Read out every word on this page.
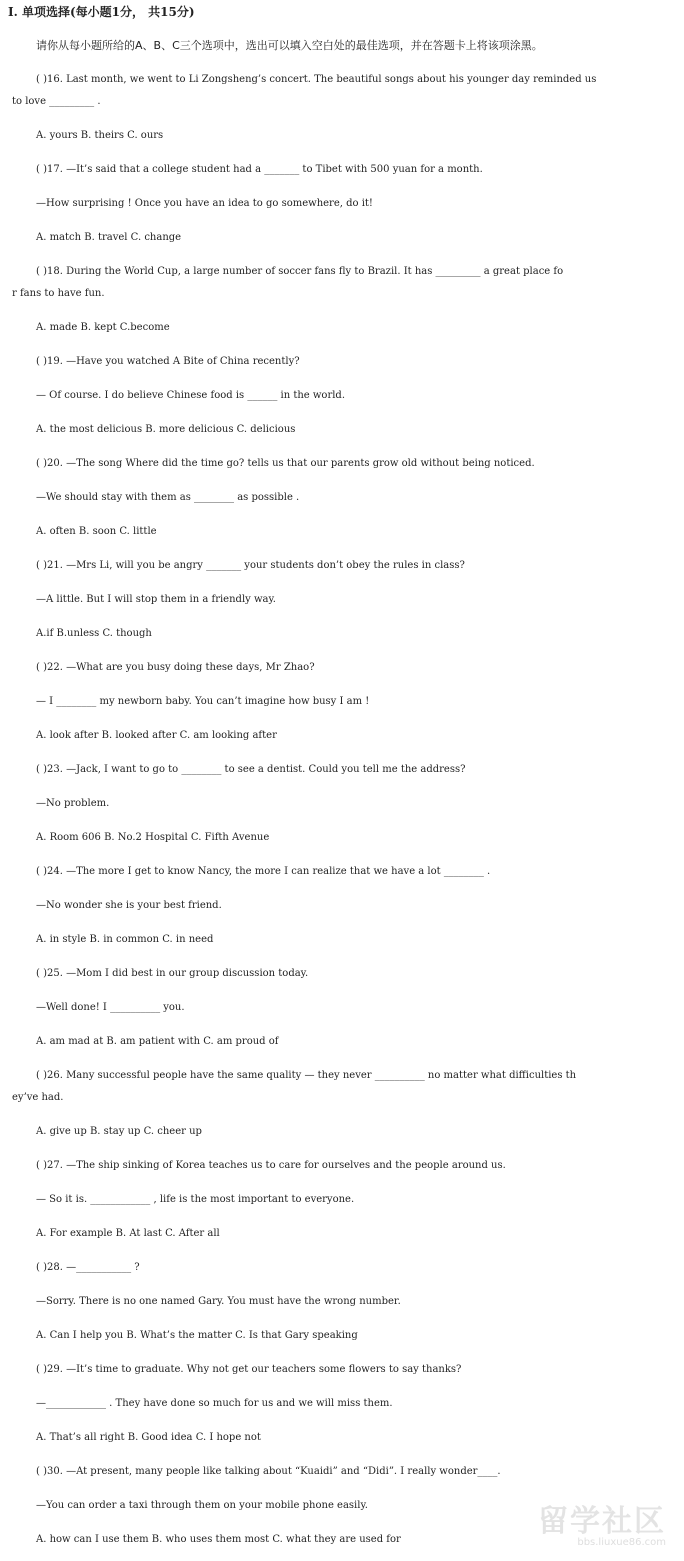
I. 单项选择(每小题1分， 共15分)
请你从每小题所给的A、B、C三个选项中，选出可以填入空白处的最佳选项，并在答题卡上将该项涂黑。
( )16. Last month, we went to Li Zongsheng’s concert. The beautiful songs about his younger day reminded us
to love _________ .
A. yours B. theirs C. ours
( )17. —It’s said that a college student had a _______ to Tibet with 500 yuan for a month.
—How surprising ! Once you have an idea to go somewhere, do it!
A. match B. travel C. change
( )18. During the World Cup, a large number of soccer fans fly to Brazil. It has _________ a great place fo
r fans to have fun.
A. made B. kept C.become
( )19. —Have you watched A Bite of China recently?
— Of course. I do believe Chinese food is ______ in the world.
A. the most delicious B. more delicious C. delicious
( )20. —The song Where did the time go? tells us that our parents grow old without being noticed.
—We should stay with them as ________ as possible .
A. often B. soon C. little
( )21. —Mrs Li, will you be angry _______ your students don’t obey the rules in class?
—A little. But I will stop them in a friendly way.
A.if B.unless C. though
( )22. —What are you busy doing these days, Mr Zhao?
— I ________ my newborn baby. You can’t imagine how busy I am !
A. look after B. looked after C. am looking after
( )23. —Jack, I want to go to ________ to see a dentist. Could you tell me the address?
—No problem.
A. Room 606 B. No.2 Hospital C. Fifth Avenue
( )24. —The more I get to know Nancy, the more I can realize that we have a lot ________ .
—No wonder she is your best friend.
A. in style B. in common C. in need
( )25. —Mom I did best in our group discussion today.
—Well done! I __________ you.
A. am mad at B. am patient with C. am proud of
( )26. Many successful people have the same quality — they never __________ no matter what difficulties th
ey’ve had.
A. give up B. stay up C. cheer up
( )27. —The ship sinking of Korea teaches us to care for ourselves and the people around us.
— So it is. ____________ , life is the most important to everyone.
A. For example B. At last C. After all
( )28. —___________ ?
—Sorry. There is no one named Gary. You must have the wrong number.
A. Can I help you B. What’s the matter C. Is that Gary speaking
( )29. —It’s time to graduate. Why not get our teachers some flowers to say thanks?
—____________ . They have done so much for us and we will miss them.
A. That’s all right B. Good idea C. I hope not
( )30. —At present, many people like talking about “Kuaidi” and “Didi”. I really wonder____.
—You can order a taxi through them on your mobile phone easily.
A. how can I use them B. who uses them most C. what they are used for
留学社区
bbs.liuxue86.com
